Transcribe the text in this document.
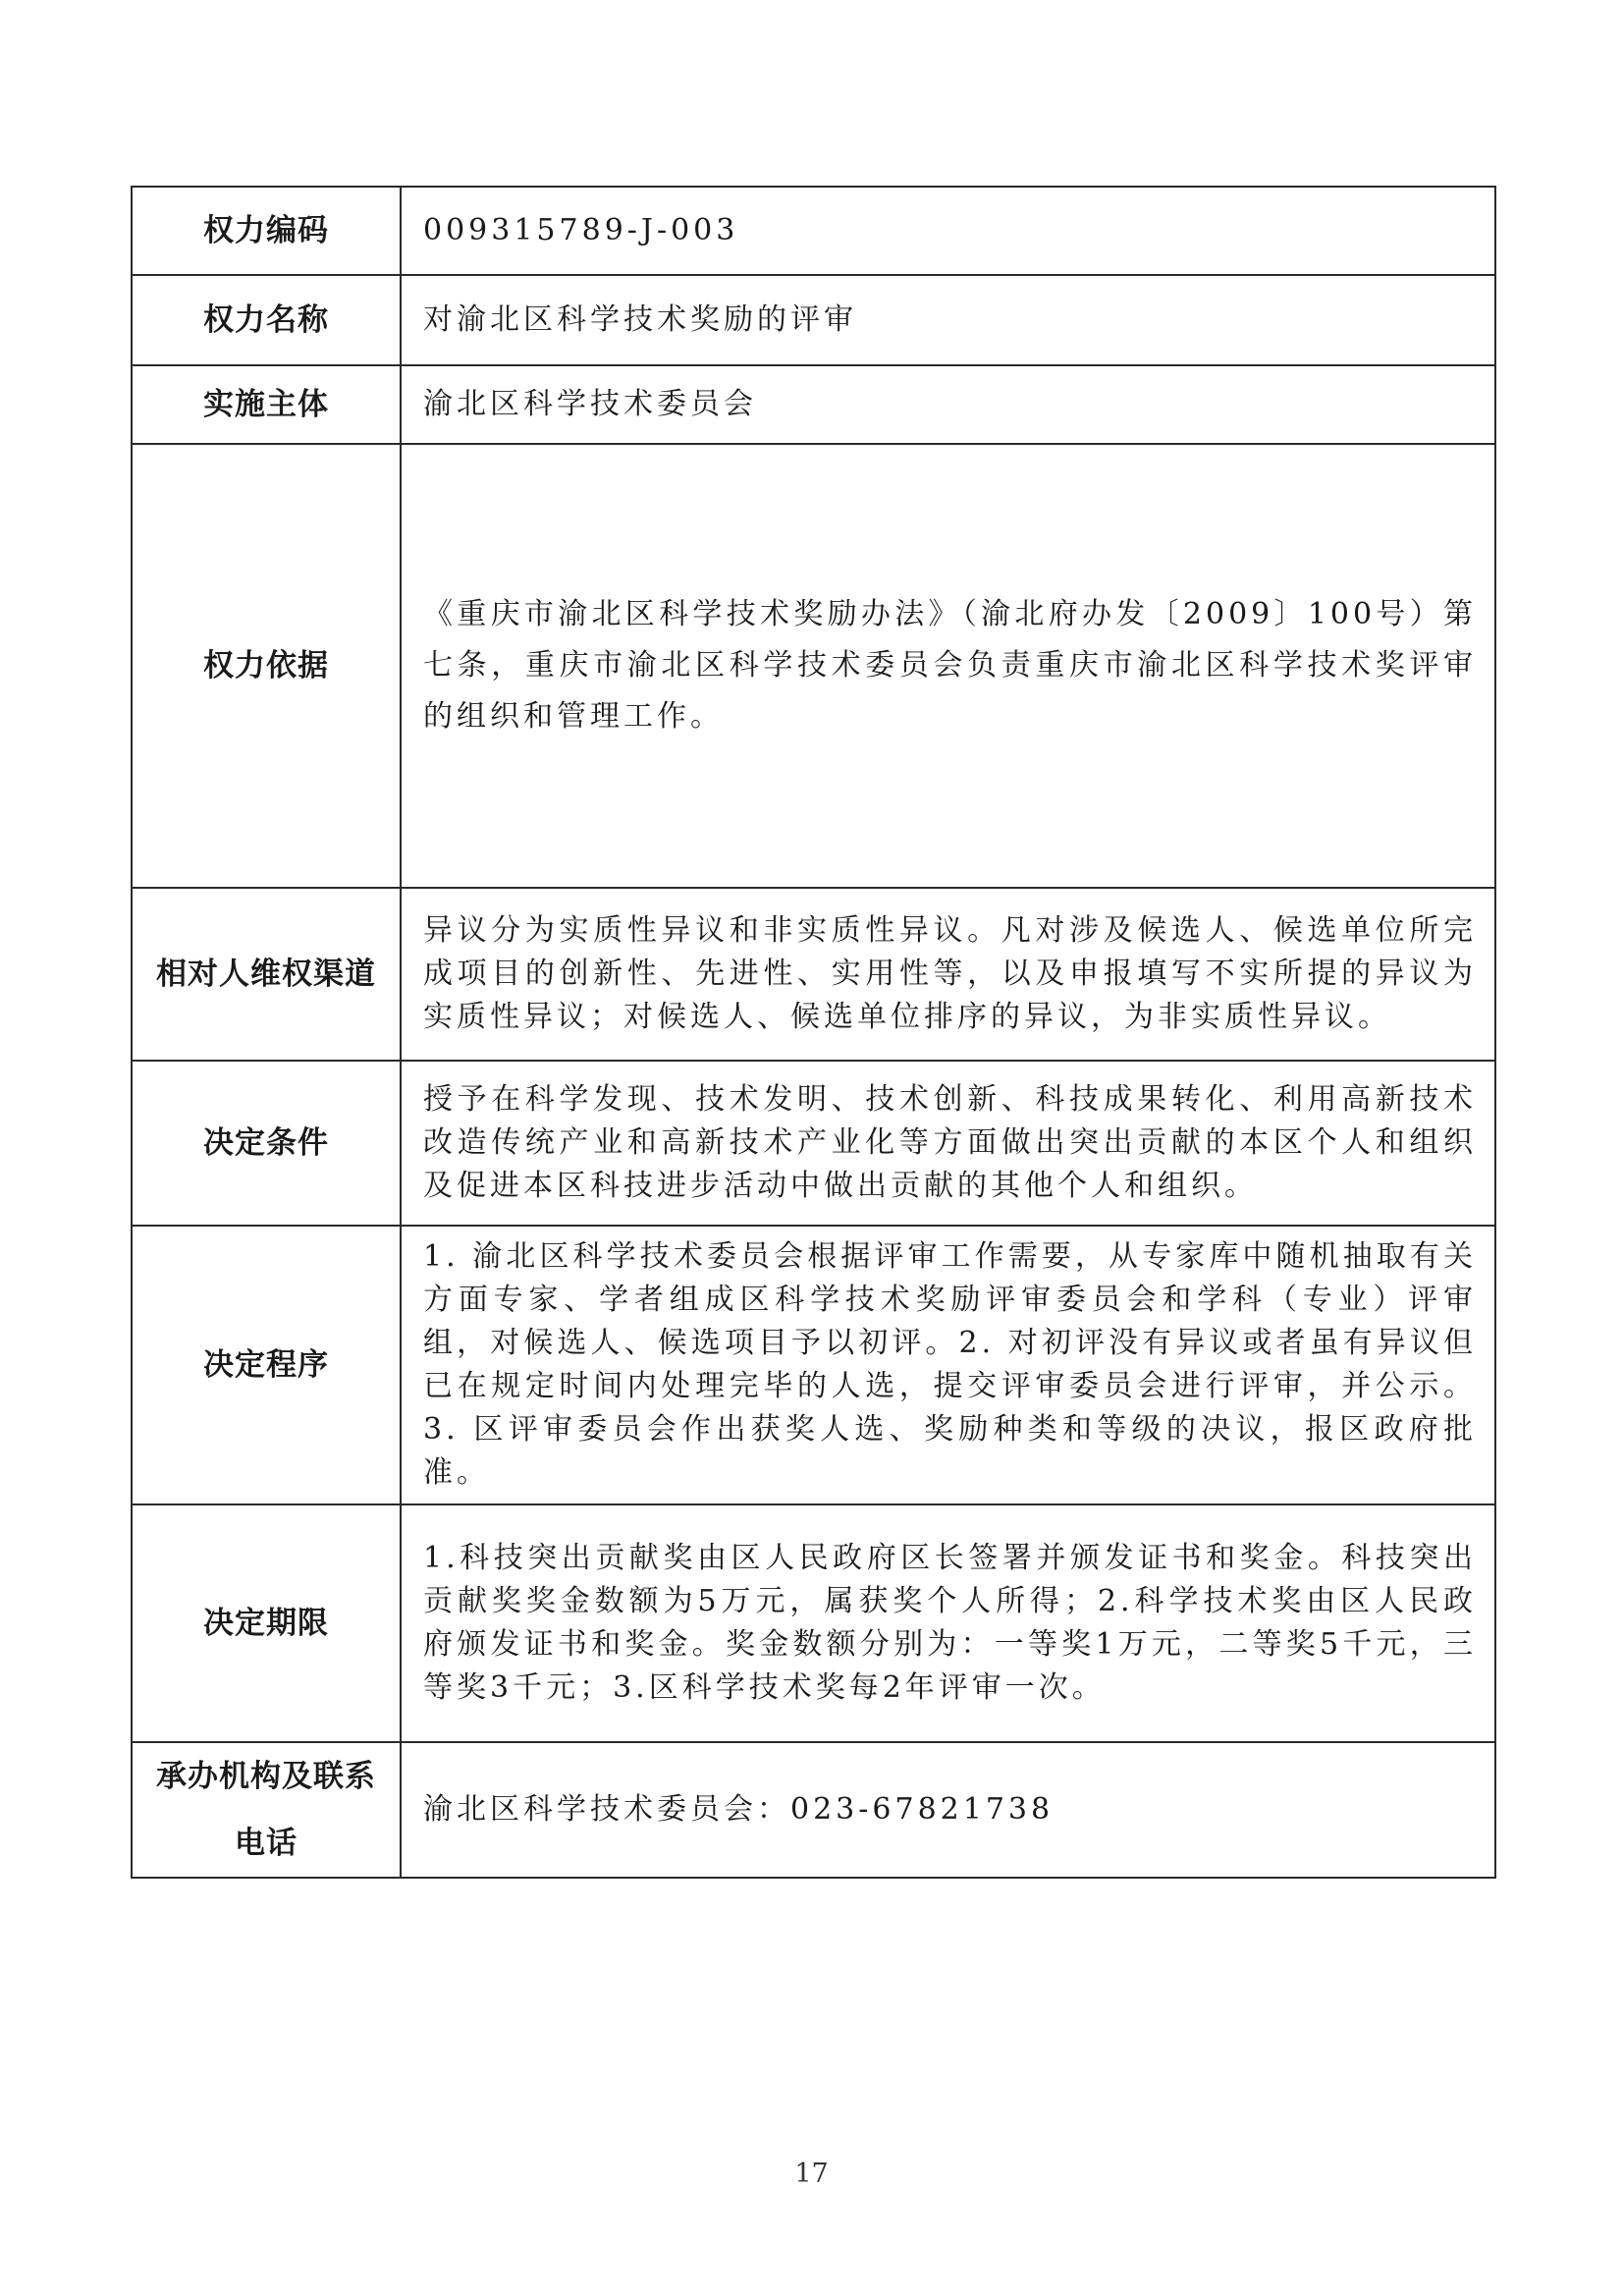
权力编码	009315789-J-003
权力名称	对渝北区科学技术奖励的评审
实施主体	渝北区科学技术委员会
权力依据	《重庆市渝北区科学技术奖励办法》（渝北府办发〔2009〕100号）第七条，重庆市渝北区科学技术委员会负责重庆市渝北区科学技术奖评审的组织和管理工作。
相对人维权渠道	异议分为实质性异议和非实质性异议。凡对涉及候选人、候选单位所完成项目的创新性、先进性、实用性等，以及申报填写不实所提的异议为实质性异议；对候选人、候选单位排序的异议，为非实质性异议。
决定条件	授予在科学发现、技术发明、技术创新、科技成果转化、利用高新技术改造传统产业和高新技术产业化等方面做出突出贡献的本区个人和组织及促进本区科技进步活动中做出贡献的其他个人和组织。
决定程序	1. 渝北区科学技术委员会根据评审工作需要，从专家库中随机抽取有关方面专家、学者组成区科学技术奖励评审委员会和学科（专业）评审组，对候选人、候选项目予以初评。2. 对初评没有异议或者虽有异议但已在规定时间内处理完毕的人选，提交评审委员会进行评审，并公示。3. 区评审委员会作出获奖人选、奖励种类和等级的决议，报区政府批准。
决定期限	1.科技突出贡献奖由区人民政府区长签署并颁发证书和奖金。科技突出贡献奖奖金数额为5万元，属获奖个人所得；2.科学技术奖由区人民政府颁发证书和奖金。奖金数额分别为：一等奖1万元，二等奖5千元，三等奖3千元；3.区科学技术奖每2年评审一次。
承办机构及联系电话	渝北区科学技术委员会：023-67821738
17
